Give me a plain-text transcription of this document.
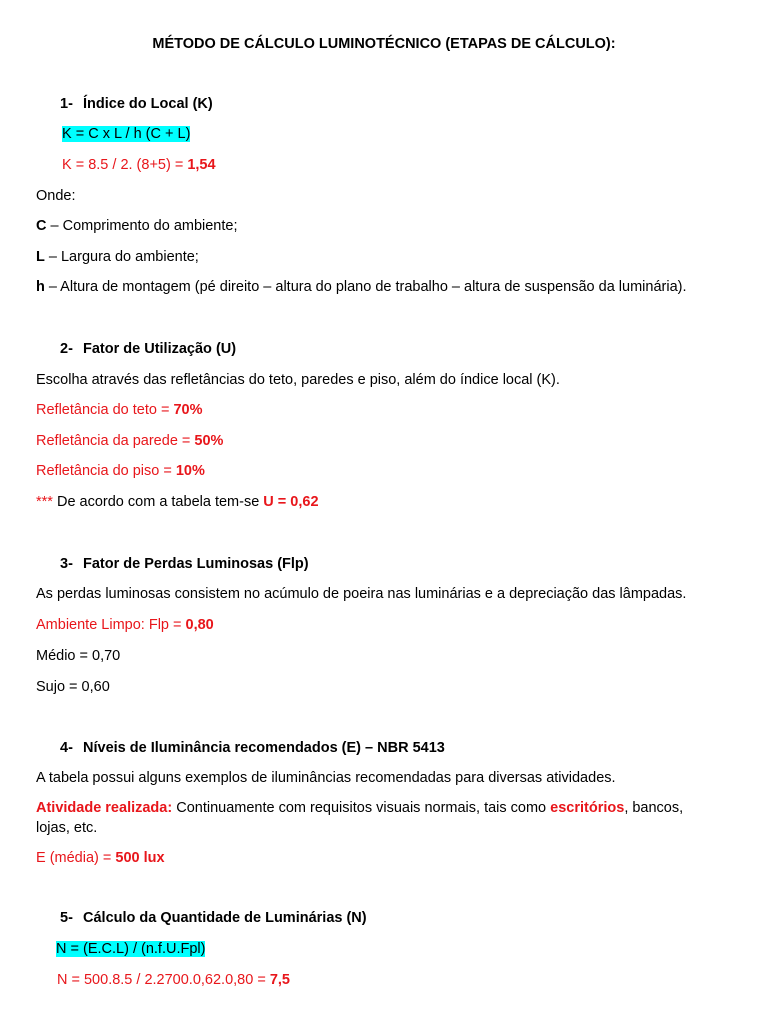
MÉTODO DE CÁLCULO LUMINOTÉCNICO (ETAPAS DE CÁLCULO):
1- Índice do Local (K)
K = C x L / h (C + L)
K = 8.5 / 2. (8+5) = 1,54
Onde:
C – Comprimento do ambiente;
L – Largura do ambiente;
h – Altura de montagem (pé direito – altura do plano de trabalho – altura de suspensão da luminária).
2- Fator de Utilização (U)
Escolha através das refletâncias do teto, paredes e piso, além do índice local (K).
Refletância do teto = 70%
Refletância da parede = 50%
Refletância do piso = 10%
*** De acordo com a tabela tem-se U = 0,62
3- Fator de Perdas Luminosas (Flp)
As perdas luminosas consistem no acúmulo de poeira nas luminárias e a depreciação das lâmpadas.
Ambiente Limpo: Flp = 0,80
Médio = 0,70
Sujo = 0,60
4- Níveis de Iluminância recomendados (E) – NBR 5413
A tabela possui alguns exemplos de iluminâncias recomendadas para diversas atividades.
Atividade realizada: Continuamente com requisitos visuais normais, tais como escritórios, bancos,
lojas, etc.
E (média) = 500 lux
5- Cálculo da Quantidade de Luminárias (N)
N = (E.C.L) / (n.f.U.Fpl)
N = 500.8.5 / 2.2700.0,62.0,80 = 7,5
